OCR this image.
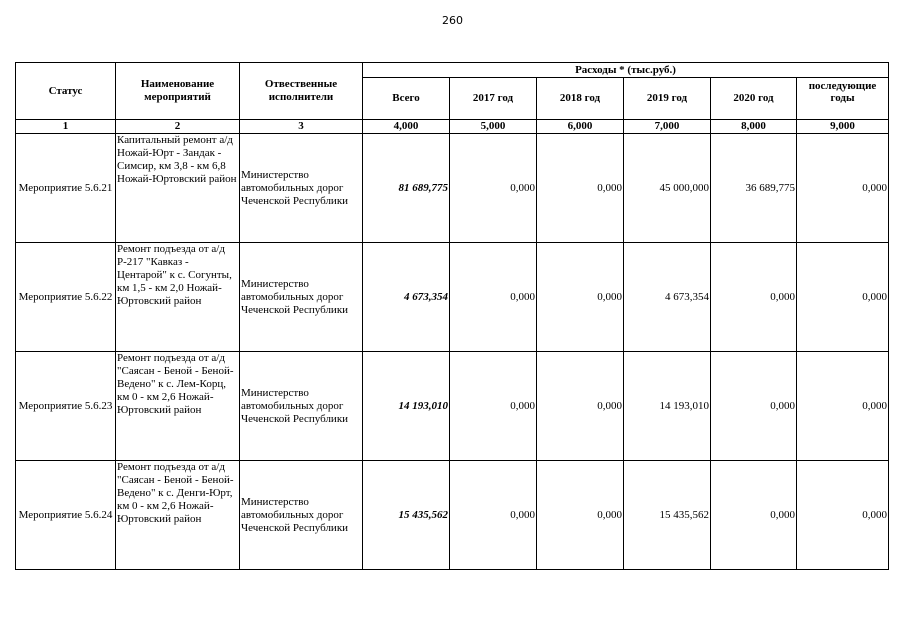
260
Статус	Наименование мероприятий	Отвественные исполнители	Расходы * (тыс.руб.)					
			Всего	2017 год	2018 год	2019 год	2020 год	последующие годы
1	2	3	4,000	5,000	6,000	7,000	8,000	9,000
Мероприятие 5.6.21	Капитальный ремонт а/д Ножай-Юрт - Зандак - Симсир, км 3,8 - км 6,8 Ножай-Юртовский район	Министерство автомобильных дорог Чеченской Республики	81 689,775	0,000	0,000	45 000,000	36 689,775	0,000
Мероприятие 5.6.22	Ремонт подъезда от а/д Р-217 "Кавказ - Центарой" к с. Согунты, км 1,5 - км 2,0 Ножай-Юртовский район	Министерство автомобильных дорог Чеченской Республики	4 673,354	0,000	0,000	4 673,354	0,000	0,000
Мероприятие 5.6.23	Ремонт подъезда от а/д "Саясан - Беной - Беной-Ведено" к с. Лем-Корц, км 0 - км 2,6 Ножай-Юртовский район	Министерство автомобильных дорог Чеченской Республики	14 193,010	0,000	0,000	14 193,010	0,000	0,000
Мероприятие 5.6.24	Ремонт подъезда от а/д "Саясан - Беной - Беной-Ведено" к с. Денги-Юрт, км 0 - км 2,6 Ножай-Юртовский район	Министерство автомобильных дорог Чеченской Республики	15 435,562	0,000	0,000	15 435,562	0,000	0,000
